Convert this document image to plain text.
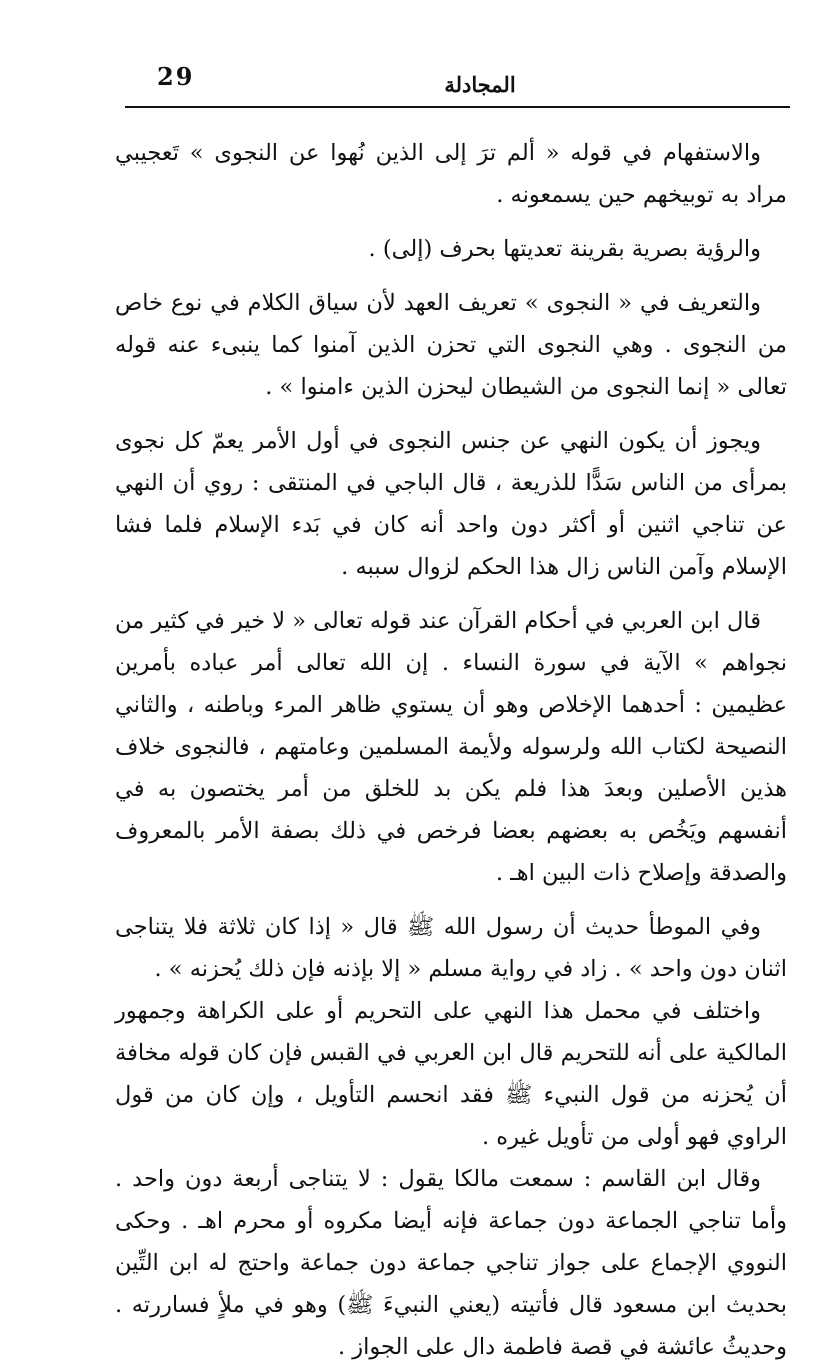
29	المجادلة

والاستفهام في قوله « ألم ترَ إلى الذين نُهوا عن النجوى » تَعجيبي مراد به توبيخهم حين يسمعونه .

والرؤية بصرية بقرينة تعديتها بحرف (إلى) .

والتعريف في « النجوى » تعريف العهد لأن سياق الكلام في نوع خاص من النجوى . وهي النجوى التي تحزن الذين آمنوا كما ينبىء عنه قوله تعالى « إنما النجوى من الشيطان ليحزن الذين ءامنوا » .

ويجوز أن يكون النهي عن جنس النجوى في أول الأمر يعمّ كل نجوى بمرأى من الناس سَدًّا للذريعة ، قال الباجي في المنتقى : روي أن النهي عن تناجي اثنين أو أكثر دون واحد أنه كان في بَدء الإسلام فلما فشا الإسلام وآمن الناس زال هذا الحكم لزوال سببه .

قال ابن العربي في أحكام القرآن عند قوله تعالى « لا خير في كثير من نجواهم » الآية في سورة النساء . إن الله تعالى أمر عباده بأمرين عظيمين : أحدهما الإخلاص وهو أن يستوي ظاهر المرء وباطنه ، والثاني النصيحة لكتاب الله ولرسوله ولأيمة المسلمين وعامتهم ، فالنجوى خلاف هذين الأصلين وبعدَ هذا فلم يكن بد للخلق من أمر يختصون به في أنفسهم ويَخُص به بعضهم بعضا فرخص في ذلك بصفة الأمر بالمعروف والصدقة وإصلاح ذات البين اهـ .

وفي الموطأ حديث أن رسول الله ﷺ قال « إذا كان ثلاثة فلا يتناجى اثنان دون واحد » . زاد في رواية مسلم « إلا بإذنه فإن ذلك يُحزنه » .

واختلف في محمل هذا النهي على التحريم أو على الكراهة وجمهور المالكية على أنه للتحريم قال ابن العربي في القبس فإن كان قوله مخافة أن يُحزنه من قول النبيء ﷺ فقد انحسم التأويل ، وإن كان من قول الراوي فهو أولى من تأويل غيره .

وقال ابن القاسم : سمعت مالكا يقول : لا يتناجى أربعة دون واحد . وأما تناجي الجماعة دون جماعة فإنه أيضا مكروه أو محرم اهـ . وحكى النووي الإجماع على جواز تناجي جماعة دون جماعة واحتج له ابن التِّين بحديث ابن مسعود قال فأتيته (يعني النبيءَ ﷺ) وهو في ملأٍ فساررته . وحديثُ عائشة في قصة فاطمة دال على الجواز .
